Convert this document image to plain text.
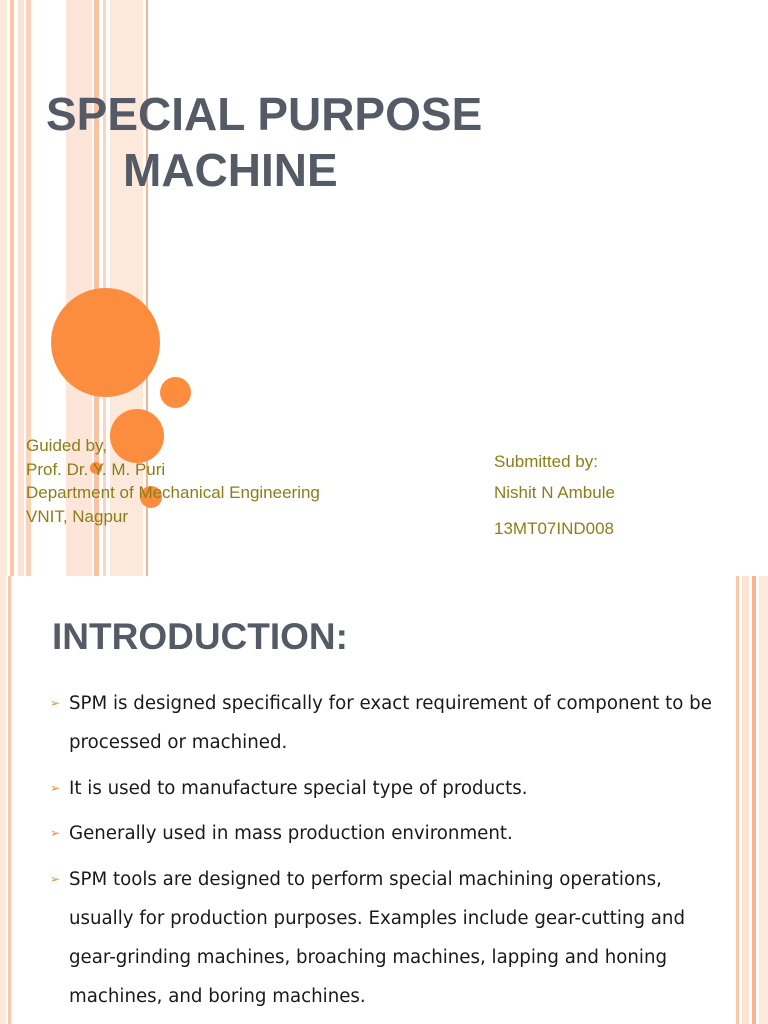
SPECIAL PURPOSE
MACHINE
Guided by,
Prof. Dr. Y. M. Puri
Department of Mechanical Engineering
VNIT, Nagpur
Submitted by:
Nishit N Ambule
13MT07IND008
INTRODUCTION:
➢ SPM is designed specifically for exact requirement of component to be processed or machined.
➢ It is used to manufacture special type of products.
➢ Generally used in mass production environment.
➢ SPM tools are designed to perform special machining operations, usually for production purposes. Examples include gear-cutting and gear-grinding machines, broaching machines, lapping and honing machines, and boring machines.
